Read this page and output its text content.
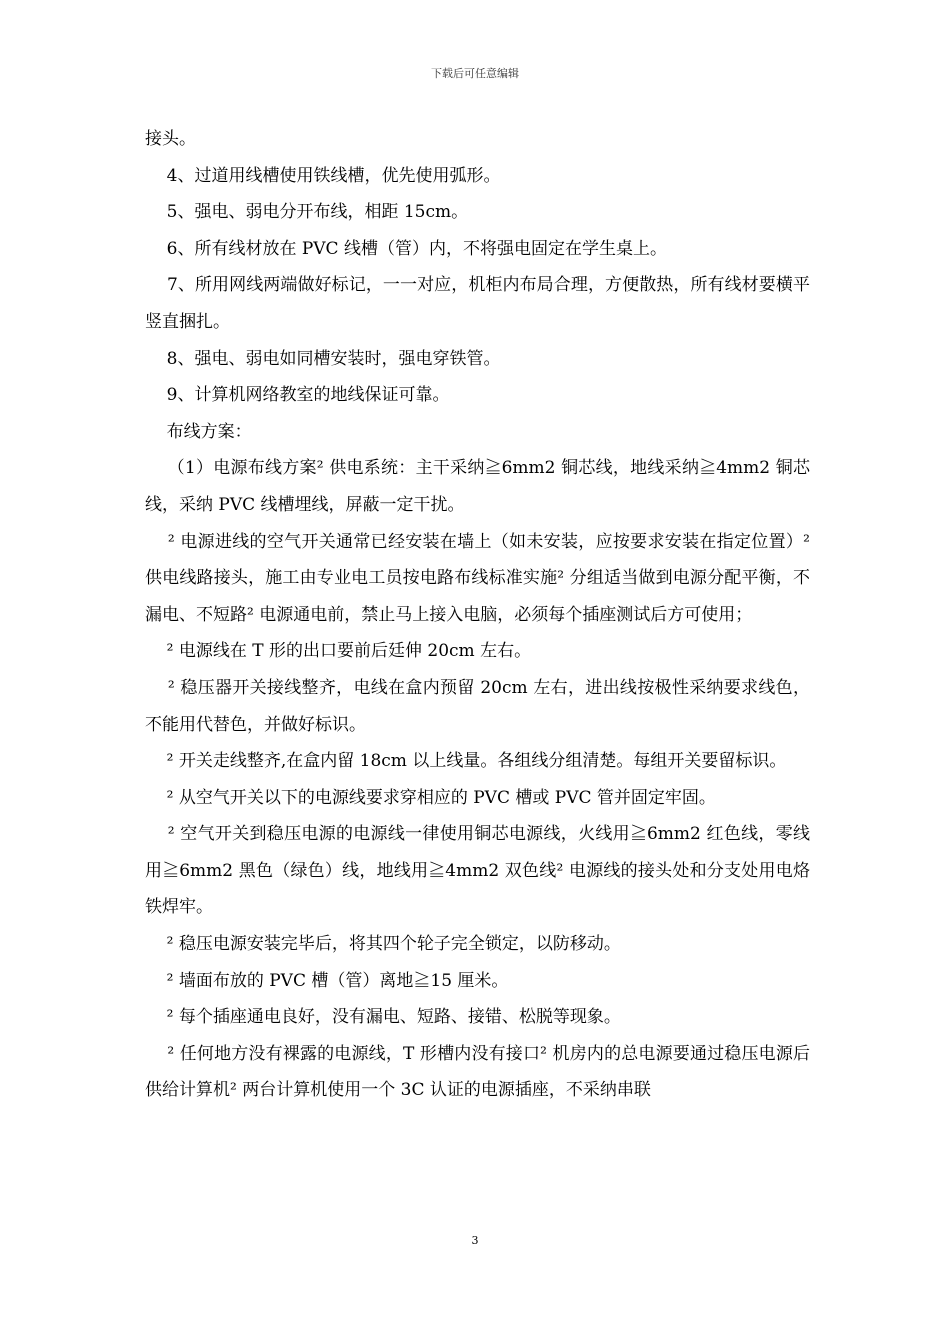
下载后可任意编辑

接头。

4、过道用线槽使用铁线槽，优先使用弧形。

5、强电、弱电分开布线，相距 15cm。

6、所有线材放在 PVC 线槽（管）内，不将强电固定在学生桌上。

7、所用网线两端做好标记，一一对应，机柜内布局合理，方便散热，所有线材要横平竖直捆扎。

8、强电、弱电如同槽安装时，强电穿铁管。

9、计算机网络教室的地线保证可靠。

布线方案：

（1）电源布线方案² 供电系统：主干采纳≧6mm2 铜芯线，地线采纳≧4mm2 铜芯线，采纳 PVC 线槽埋线，屏蔽一定干扰。

² 电源进线的空气开关通常已经安装在墙上（如未安装，应按要求安装在指定位置）² 供电线路接头，施工由专业电工员按电路布线标准实施² 分组适当做到电源分配平衡，不漏电、不短路² 电源通电前，禁止马上接入电脑，必须每个插座测试后方可使用；

² 电源线在 T 形的出口要前后廷伸 20cm 左右。

² 稳压器开关接线整齐，电线在盒内预留 20cm 左右，进出线按极性采纳要求线色，不能用代替色，并做好标识。

² 开关走线整齐,在盒内留 18cm 以上线量。各组线分组清楚。每组开关要留标识。

² 从空气开关以下的电源线要求穿相应的 PVC 槽或 PVC 管并固定牢固。

² 空气开关到稳压电源的电源线一律使用铜芯电源线，火线用≧6mm2 红色线，零线用≧6mm2 黑色（绿色）线，地线用≧4mm2 双色线² 电源线的接头处和分支处用电烙铁焊牢。

² 稳压电源安装完毕后，将其四个轮子完全锁定，以防移动。

² 墙面布放的 PVC 槽（管）离地≧15 厘米。

² 每个插座通电良好，没有漏电、短路、接错、松脱等现象。

² 任何地方没有裸露的电源线，T 形槽内没有接口² 机房内的总电源要通过稳压电源后供给计算机² 两台计算机使用一个 3C 认证的电源插座，不采纳串联

3
